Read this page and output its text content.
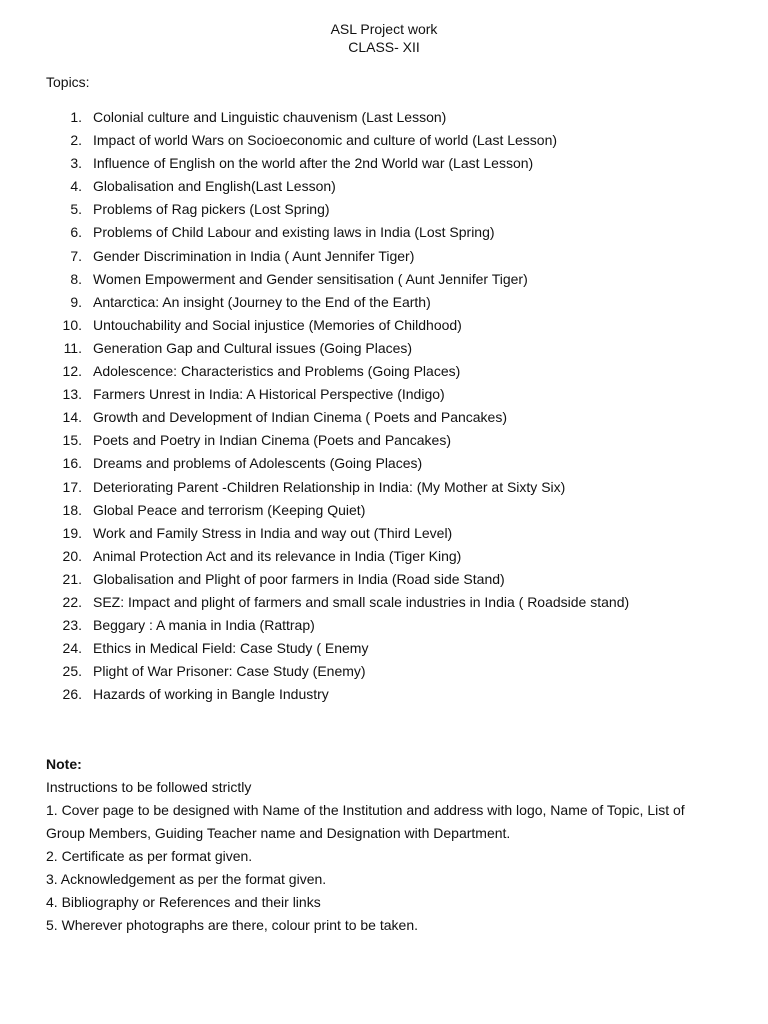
ASL Project work
CLASS- XII
Topics:
1. Colonial culture and Linguistic chauvenism (Last Lesson)
2. Impact of world Wars on Socioeconomic and culture of world (Last Lesson)
3. Influence of English on the world after the 2nd World war (Last Lesson)
4. Globalisation and English(Last Lesson)
5. Problems of Rag pickers (Lost Spring)
6. Problems of Child Labour and existing laws in India (Lost Spring)
7. Gender Discrimination in India ( Aunt Jennifer Tiger)
8. Women Empowerment and Gender sensitisation ( Aunt Jennifer Tiger)
9. Antarctica: An insight (Journey to the End of the Earth)
10. Untouchability and Social injustice (Memories of Childhood)
11. Generation Gap and Cultural issues (Going Places)
12. Adolescence: Characteristics and Problems (Going Places)
13. Farmers Unrest in India: A Historical Perspective (Indigo)
14. Growth and Development of Indian Cinema ( Poets and Pancakes)
15. Poets and Poetry in Indian Cinema (Poets and Pancakes)
16. Dreams and problems of Adolescents (Going Places)
17. Deteriorating Parent -Children Relationship in India: (My Mother at Sixty Six)
18. Global Peace and terrorism (Keeping Quiet)
19. Work and Family Stress in India and way out (Third Level)
20. Animal Protection Act and its relevance in India (Tiger King)
21. Globalisation and Plight of poor farmers in India (Road side Stand)
22. SEZ: Impact and plight of farmers and small scale industries in India ( Roadside stand)
23. Beggary : A mania in India (Rattrap)
24. Ethics in Medical Field: Case Study ( Enemy
25. Plight of War Prisoner: Case Study (Enemy)
26. Hazards of working in Bangle Industry
Note:
Instructions to be followed strictly
1. Cover page to be designed with Name of the Institution and address with logo, Name of Topic, List of Group Members, Guiding Teacher name and Designation with Department.
2. Certificate as per format given.
3. Acknowledgement as per the format given.
4. Bibliography or References and their links
5. Wherever photographs are there, colour print to be taken.
